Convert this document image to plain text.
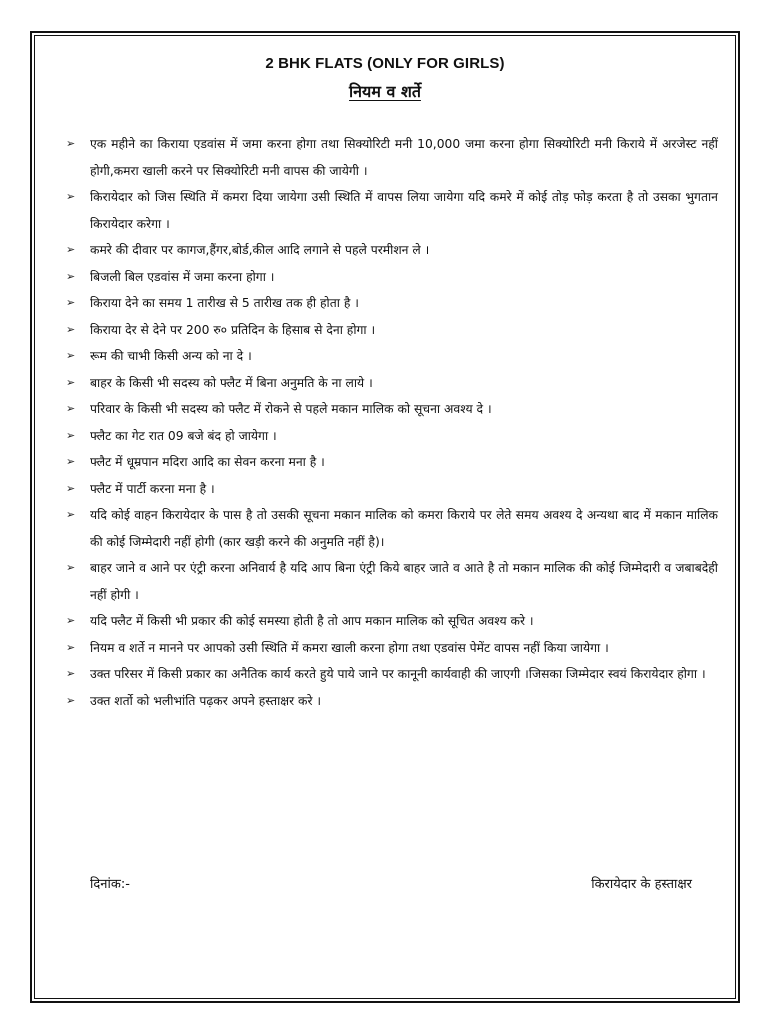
2 BHK FLATS (ONLY FOR GIRLS)
नियम व शर्ते
➢ एक महीने का किराया एडवांस में जमा करना होगा तथा सिक्योरिटी मनी 10,000 जमा करना होगा सिक्योरिटी मनी किराये में अरजेस्ट नहीं होगी,कमरा खाली करने पर सिक्योरिटी मनी वापस की जायेगी ।
➢ किरायेदार को जिस स्थिति में कमरा दिया जायेगा उसी स्थिति में वापस लिया जायेगा यदि कमरे में कोई तोड़ फोड़ करता है तो उसका भुगतान किरायेदार करेगा ।
➢ कमरे की दीवार पर कागज,हैंगर,बोर्ड,कील आदि लगाने से पहले परमीशन ले ।
➢ बिजली बिल एडवांस में जमा करना होगा ।
➢ किराया देने का समय 1 तारीख से 5 तारीख तक ही होता है ।
➢ किराया देर से देने पर 200 रु० प्रतिदिन के हिसाब से देना होगा ।
➢ रूम की चाभी किसी अन्य को ना दे ।
➢ बाहर के किसी भी सदस्य को फ्लैट में बिना अनुमति के ना लाये ।
➢ परिवार के किसी भी सदस्य को फ्लैट में रोकने से पहले मकान मालिक को सूचना अवश्य दे ।
➢ फ्लैट का गेट रात 09 बजे बंद हो जायेगा ।
➢ फ्लैट में धूम्रपान मदिरा आदि का सेवन करना मना है ।
➢ फ्लैट में पार्टी करना मना है ।
➢ यदि कोई वाहन किरायेदार के पास है तो उसकी सूचना मकान मालिक को कमरा किराये पर लेते समय अवश्य दे अन्यथा बाद में मकान मालिक की कोई जिम्मेदारी नहीं होगी (कार खड़ी करने की अनुमति नहीं है)।
➢ बाहर जाने व आने पर एंट्री करना अनिवार्य है यदि आप बिना एंट्री किये बाहर जाते व आते है तो मकान मालिक की कोई जिम्मेदारी व जबाबदेही नहीं होगी ।
➢ यदि फ्लैट में किसी भी प्रकार की कोई समस्या होती है तो आप मकान मालिक को सूचित अवश्य करे ।
➢ नियम व शर्ते न मानने पर आपको उसी स्थिति में कमरा खाली करना होगा तथा एडवांस पेमेंट वापस नहीं किया जायेगा ।
➢ उक्त परिसर में किसी प्रकार का अनैतिक कार्य करते हुये पाये जाने पर कानूनी कार्यवाही की जाएगी ।जिसका जिम्मेदार स्वयं किरायेदार होगा ।
➢ उक्त शर्तो को भलीभांति पढ़कर अपने हस्ताक्षर करे ।
दिनांक:-	किरायेदार के हस्ताक्षर
